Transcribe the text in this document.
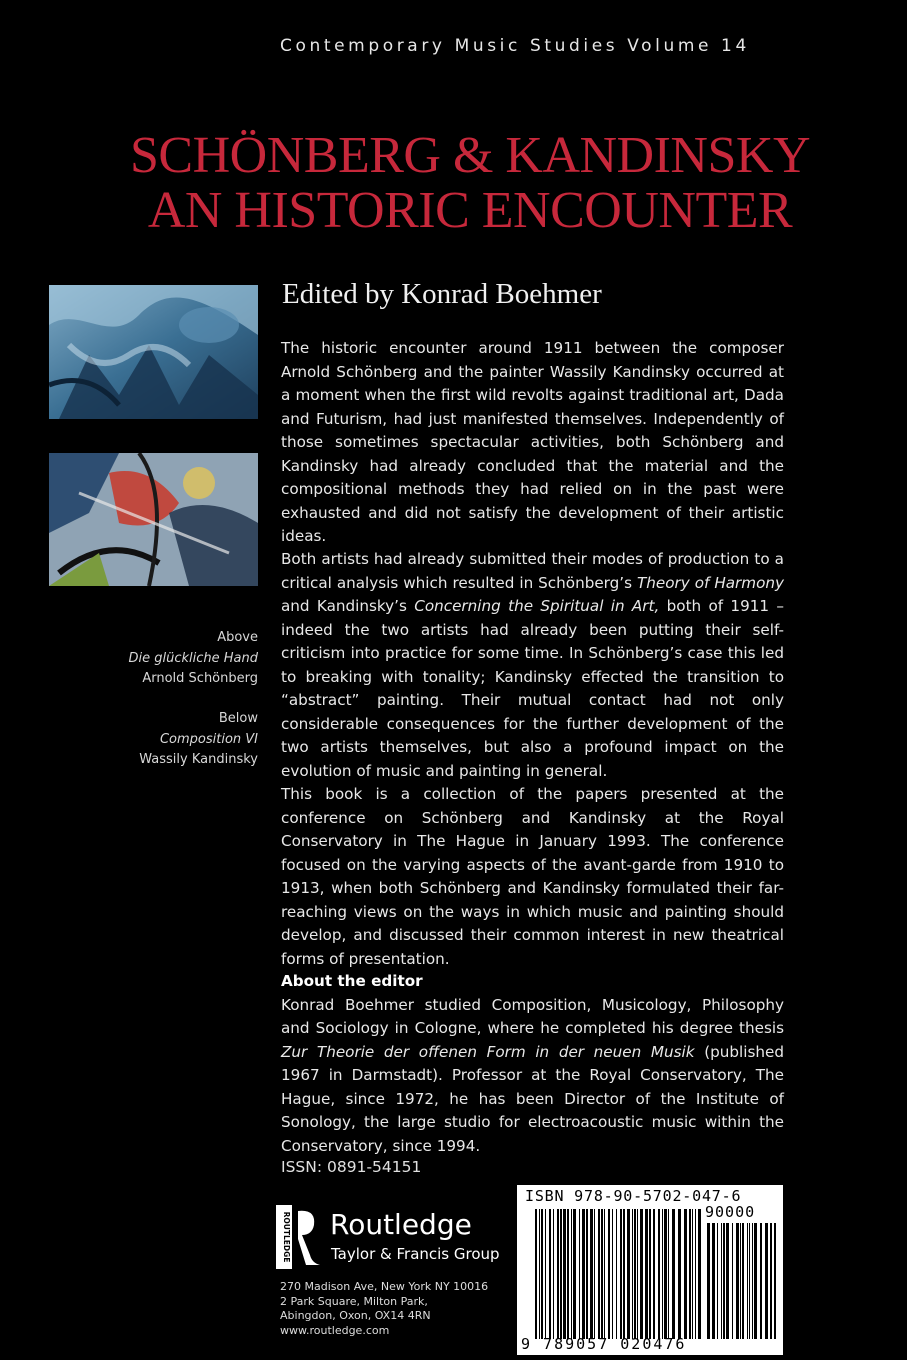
Contemporary Music Studies Volume 14
SCHÖNBERG & KANDINSKY
AN HISTORIC ENCOUNTER
Edited by Konrad Boehmer
Above
Die glückliche Hand
Arnold Schönberg
Below
Composition VI
Wassily Kandinsky
The historic encounter around 1911 between the composer Arnold Schönberg and the painter Wassily Kandinsky occurred at a moment when the first wild revolts against traditional art, Dada and Futurism, had just manifested themselves. Independently of those sometimes spectacular activities, both Schönberg and Kandinsky had already concluded that the material and the compositional methods they had relied on in the past were exhausted and did not satisfy the development of their artistic ideas.
Both artists had already submitted their modes of production to a critical analysis which resulted in Schönberg’s Theory of Harmony and Kandinsky’s Concerning the Spiritual in Art, both of 1911 – indeed the two artists had already been putting their self-criticism into practice for some time. In Schönberg’s case this led to breaking with tonality; Kandinsky effected the transition to “abstract” painting. Their mutual contact had not only considerable consequences for the further development of the two artists themselves, but also a profound impact on the evolution of music and painting in general.
This book is a collection of the papers presented at the conference on Schönberg and Kandinsky at the Royal Conservatory in The Hague in January 1993. The conference focused on the varying aspects of the avant-garde from 1910 to 1913, when both Schönberg and Kandinsky formulated their far-reaching views on the ways in which music and painting should develop, and discussed their common interest in new theatrical forms of presentation.
About the editor
Konrad Boehmer studied Composition, Musicology, Philosophy and Sociology in Cologne, where he completed his degree thesis Zur Theorie der offenen Form in der neuen Musik (published 1967 in Darmstadt). Professor at the Royal Conservatory, The Hague, since 1972, he has been Director of the Institute of Sonology, the large studio for electroacoustic music within the Conservatory, since 1994.
ISSN: 0891-54151
ROUTLEDGE Routledge
Taylor & Francis Group
270 Madison Ave, New York NY 10016
2 Park Square, Milton Park,
Abingdon, Oxon, OX14 4RN
www.routledge.com
ISBN 978-90-5702-047-6
90000
9 789057 020476
